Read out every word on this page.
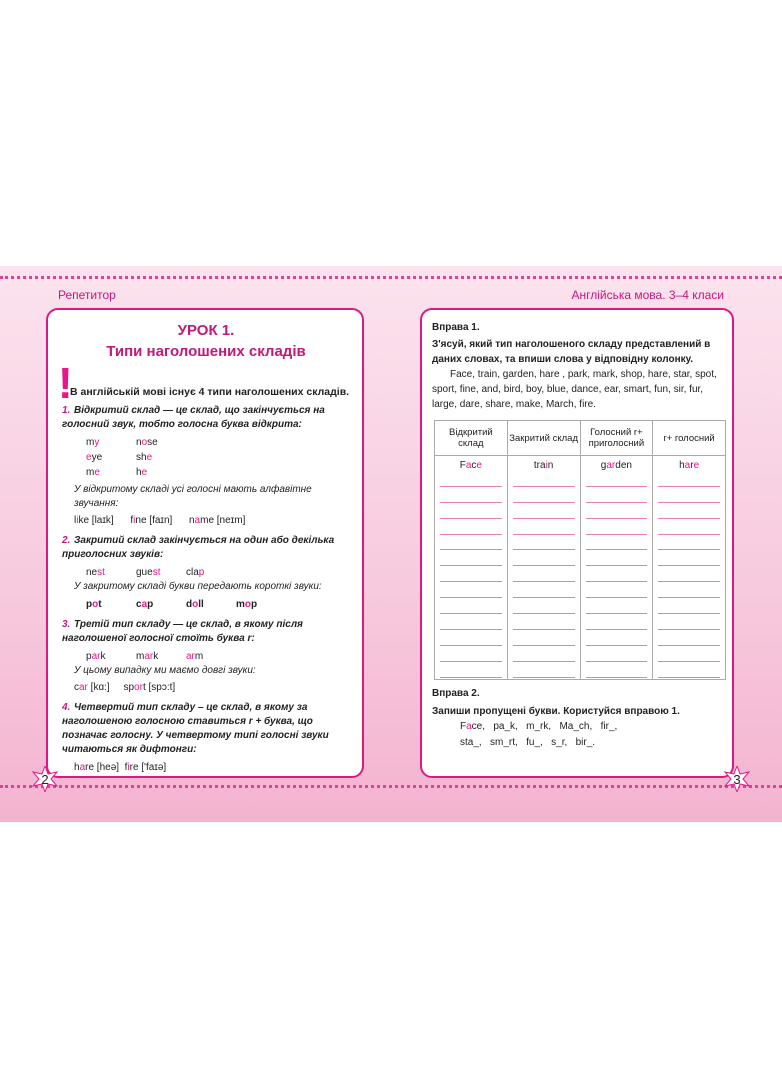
Репетитор	Англійська мова. 3–4 класи
УРОК 1.
Типи наголошених складів
!
В англійській мові існує 4 типи наголошених складів.
1. Відкритий склад — це склад, що закінчується на голосний звук, тобто голосна буква відкрита:
my	nose
eye	she
me	he
У відкритому складі усі голосні мають алфавітне звучання:
like [laɪk]      fine [faɪn]      name [neɪm]
2. Закритий склад закінчується на один або декілька приголосних звуків:
nest	guest	clap
У закритому складі букви передають короткі звуки:
pot	cap	doll	mop
3. Третій тип складу — це склад, в якому після наголошеної голосної стоїть буква r:
park	mark	arm
У цьому випадку ми маємо довгі звуки:
car [kɑ:]     sport [spɔ:t]
4. Четвертий тип складу – це склад, в якому за наголошеною голосною ставиться r + буква, що позначає голосну. У четвертому типі голосні звуки читаються як дифтонги:
hare [heə]  fire ['faɪə]
Вправа 1.
З'ясуй, який тип наголошеного складу представлений в даних словах, та впиши слова у відповідну колонку.
Face, train, garden, hare , park, mark, shop, hare, star, spot, sport, fine, and, bird, boy, blue, dance, ear, smart, fun, sir, fur, large, dare, share, make, March, fire.
Відкритий склад	Закритий склад	Голосний r+ приголосний	r+ голосний

Face	train	garden	hare
Вправа 2.
Запиши пропущені букви. Користуйся вправою 1.
Face,   pa_k,   m_rk,   Ma_ch,   fir_,
sta_,   sm_rt,   fu_,   s_r,   bir_.
2	3
